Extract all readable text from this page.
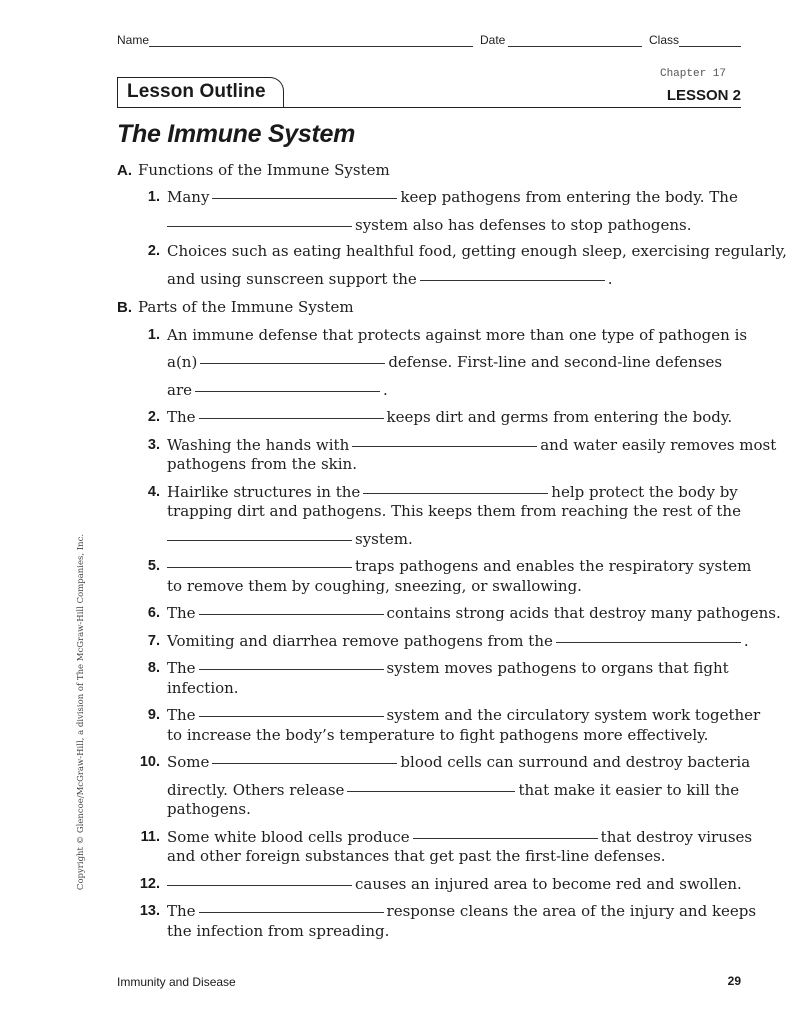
Name	Date	Class
Lesson Outline
Chapter 17
LESSON 2
The Immune System
A. Functions of the Immune System
1. Many	keep pathogens from entering the body. The
system also has defenses to stop pathogens.
2. Choices such as eating healthful food, getting enough sleep, exercising regularly,
and using sunscreen support the	.
B. Parts of the Immune System
1. An immune defense that protects against more than one type of pathogen is
a(n)	defense. First-line and second-line defenses
are	.
2. The	keeps dirt and germs from entering the body.
3. Washing the hands with	and water easily removes most
pathogens from the skin.
4. Hairlike structures in the	help protect the body by
trapping dirt and pathogens. This keeps them from reaching the rest of the
system.
5.	traps pathogens and enables the respiratory system
to remove them by coughing, sneezing, or swallowing.
6. The	contains strong acids that destroy many pathogens.
7. Vomiting and diarrhea remove pathogens from the	.
8. The	system moves pathogens to organs that fight
infection.
9. The	system and the circulatory system work together
to increase the body’s temperature to fight pathogens more effectively.
10. Some	blood cells can surround and destroy bacteria
directly. Others release	that make it easier to kill the
pathogens.
11. Some white blood cells produce	that destroy viruses
and other foreign substances that get past the first-line defenses.
12.	causes an injured area to become red and swollen.
13. The	response cleans the area of the injury and keeps
the infection from spreading.
Copyright © Glencoe/McGraw-Hill, a division of The McGraw-Hill Companies, Inc.
Immunity and Disease	29
